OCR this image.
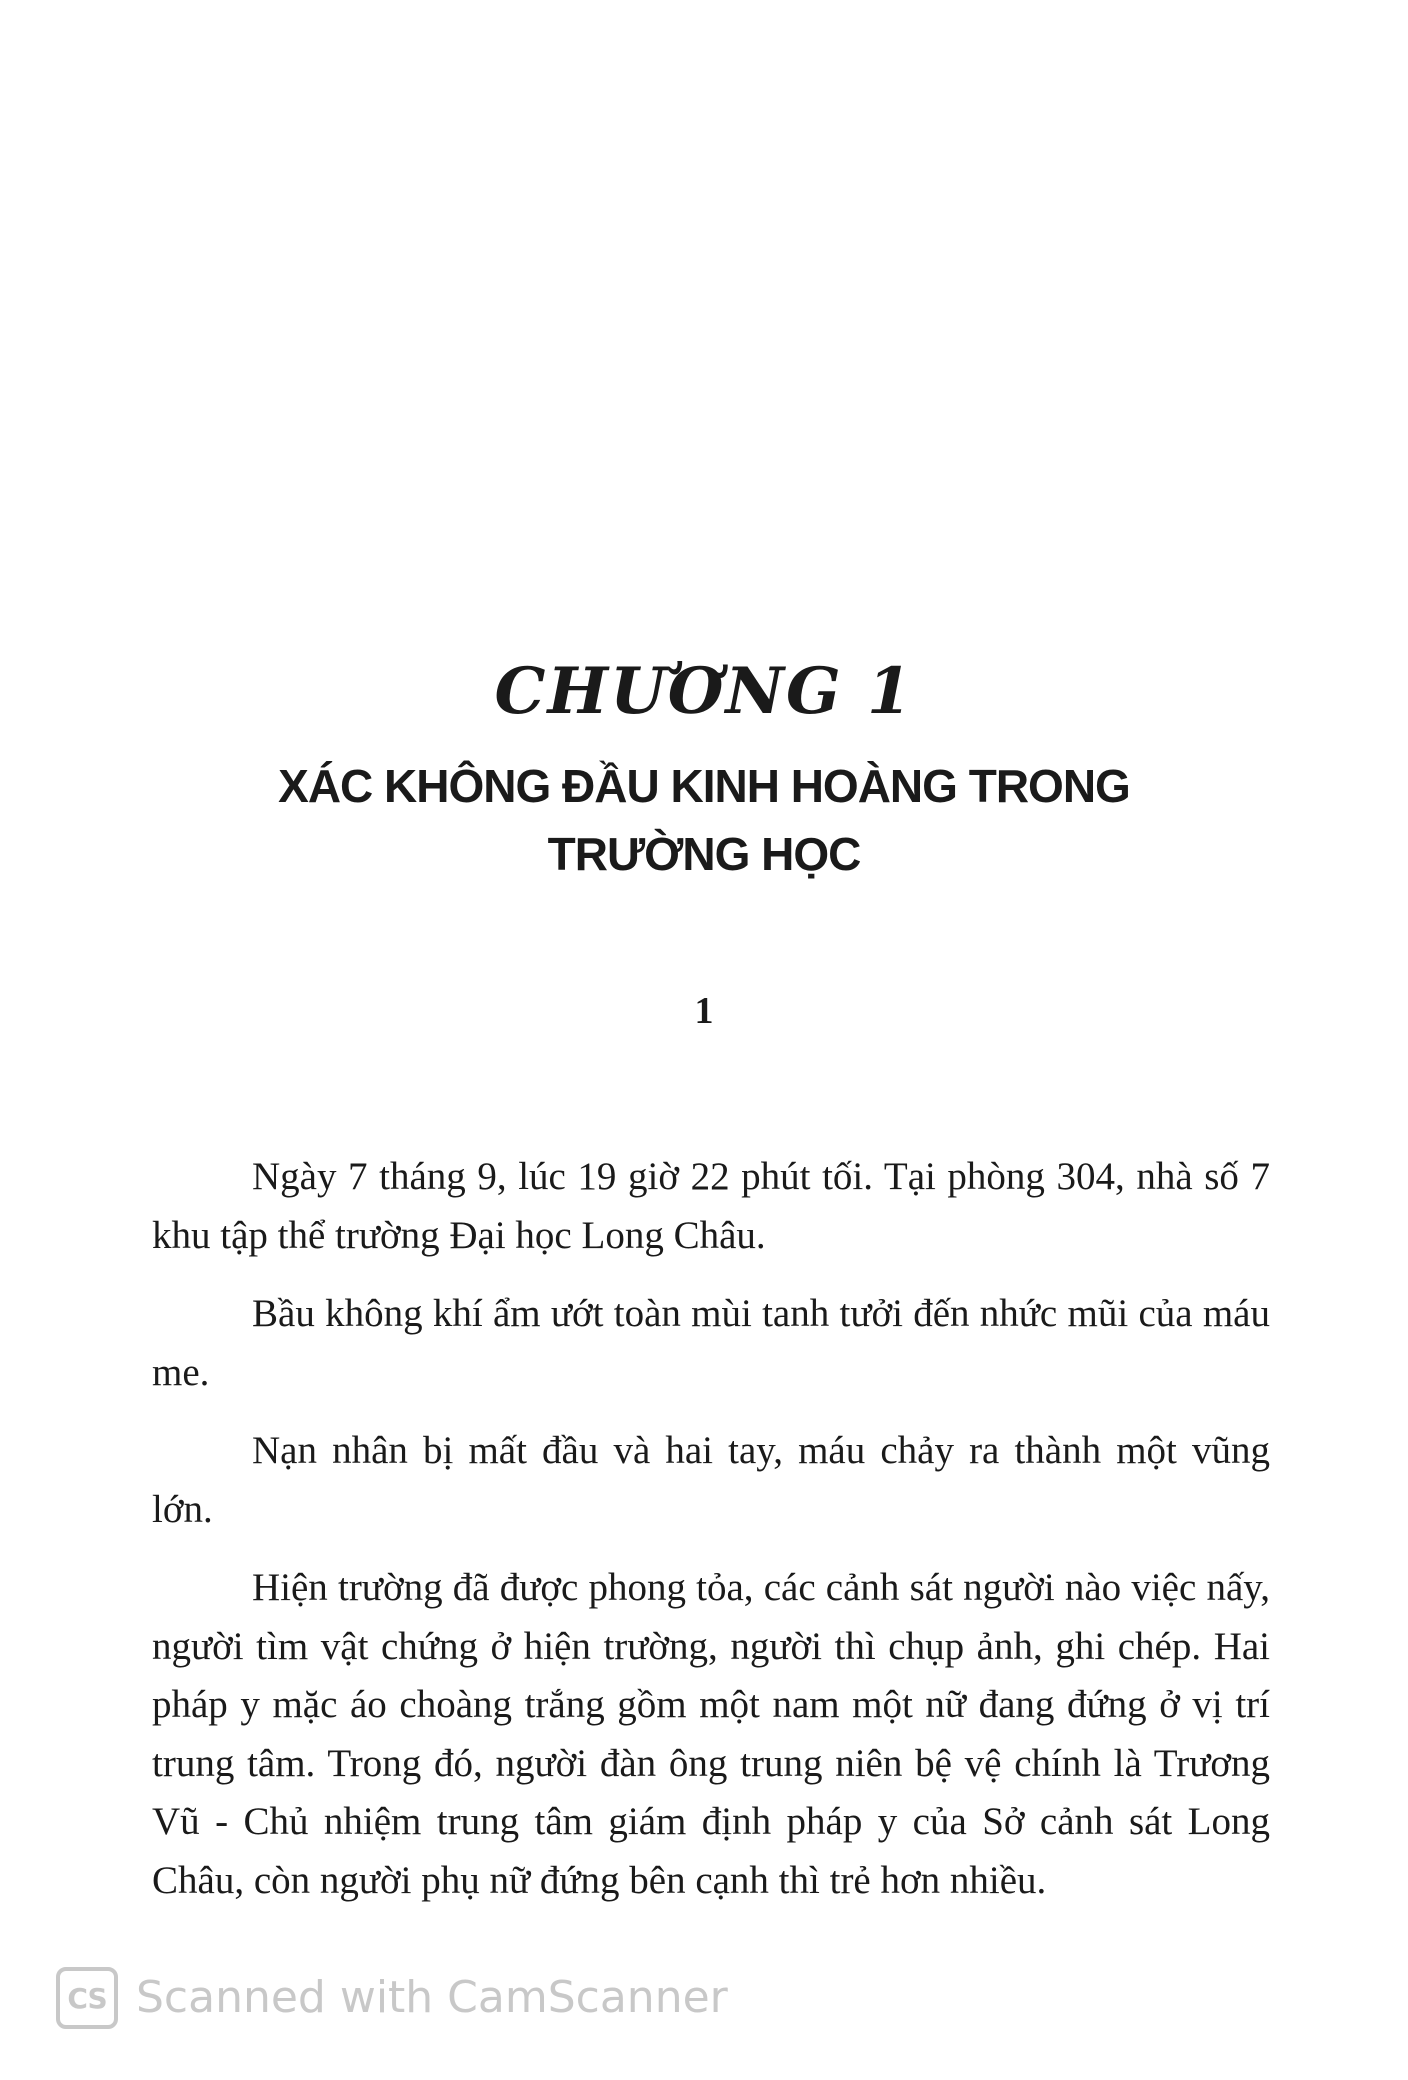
CHƯƠNG 1
XÁC KHÔNG ĐẦU KINH HOÀNG TRONG
TRƯỜNG HỌC
1

Ngày 7 tháng 9, lúc 19 giờ 22 phút tối. Tại phòng 304, nhà số 7 khu tập thể trường Đại học Long Châu.

Bầu không khí ẩm ướt toàn mùi tanh tưởi đến nhức mũi của máu me.

Nạn nhân bị mất đầu và hai tay, máu chảy ra thành một vũng lớn.

Hiện trường đã được phong tỏa, các cảnh sát người nào việc nấy, người tìm vật chứng ở hiện trường, người thì chụp ảnh, ghi chép. Hai pháp y mặc áo choàng trắng gồm một nam một nữ đang đứng ở vị trí trung tâm. Trong đó, người đàn ông trung niên bệ vệ chính là Trương Vũ - Chủ nhiệm trung tâm giám định pháp y của Sở cảnh sát Long Châu, còn người phụ nữ đứng bên cạnh thì trẻ hơn nhiều.

CS Scanned with CamScanner
